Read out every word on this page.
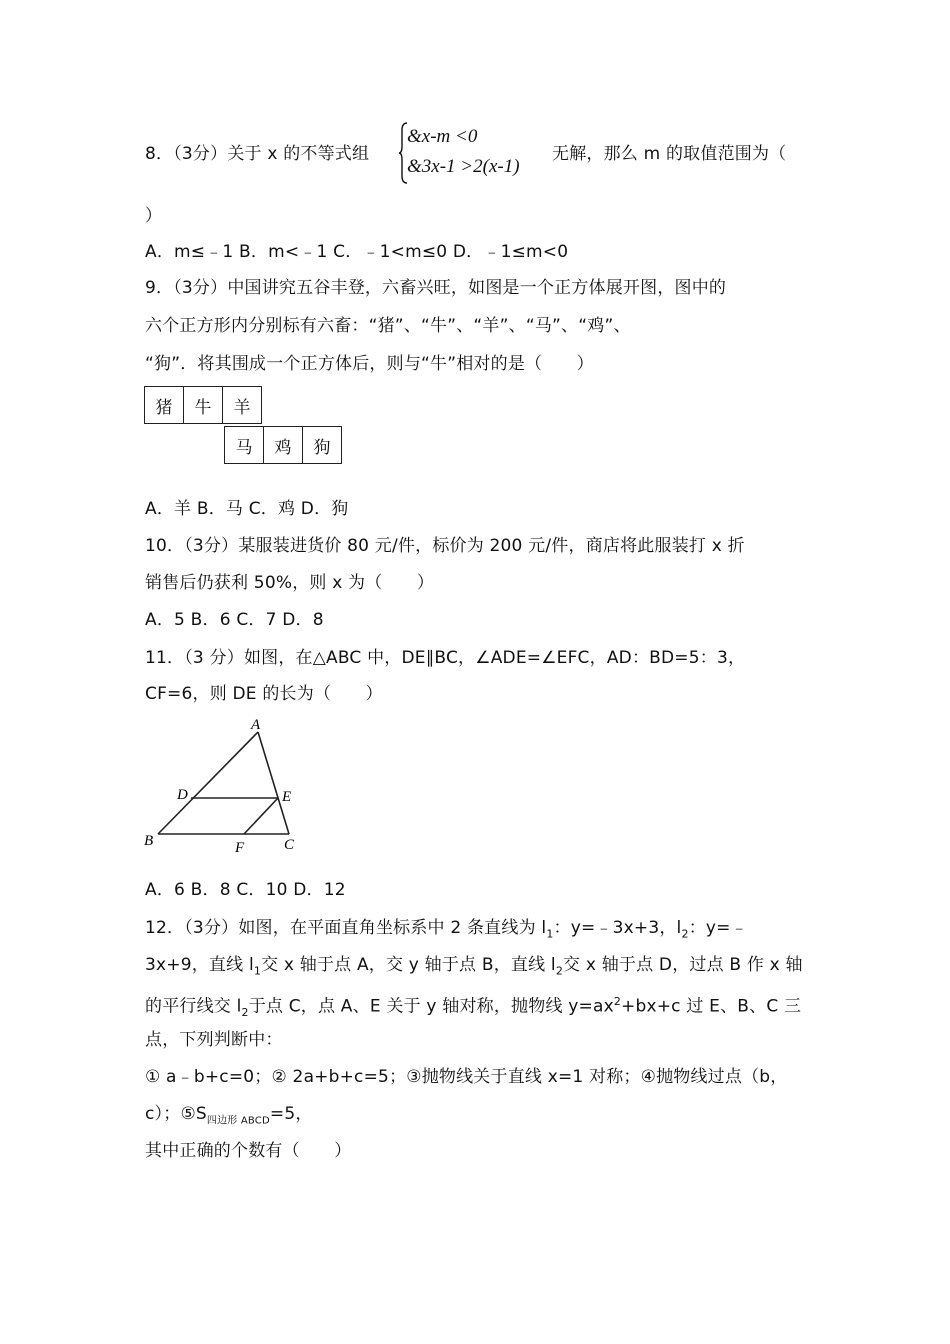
8．（3分）关于 x 的不等式组
&x-m <0
&3x-1 >2(x-1)
无解，那么 m 的取值范围为（
）
A．m≤﹣1 B．m<﹣1 C．﹣1<m≤0 D．﹣1≤m<0
9．（3分）中国讲究五谷丰登，六畜兴旺，如图是一个正方体展开图，图中的
六个正方形内分别标有六畜：“猪”、“牛”、“羊”、“马”、“鸡”、
“狗”．将其围成一个正方体后，则与“牛”相对的是（　　）
猪	牛	羊
马	鸡	狗
A．羊 B．马 C．鸡 D．狗
10．（3分）某服装进货价 80 元/件，标价为 200 元/件，商店将此服装打 x 折
销售后仍获利 50%，则 x 为（　　）
A．5 B．6 C．7 D．8
11．（3 分）如图，在△ABC 中，DE∥BC，∠ADE=∠EFC，AD：BD=5：3，
CF=6，则 DE 的长为（　　）
A
D	E
B	F	C
A．6 B．8 C．10 D．12
12．（3分）如图，在平面直角坐标系中 2 条直线为 $l_1$：y=﹣3x+3，$l_2$：y=﹣
3x+9，直线 $l_1$交 x 轴于点 A，交 y 轴于点 B，直线 $l_2$交 x 轴于点 D，过点 B 作 x 轴
的平行线交 $l_2$于点 C，点 A、E 关于 y 轴对称，抛物线 $y=ax^2+bx+c$ 过 E、B、C 三
点，下列判断中：
① a﹣b+c=0；② 2a+b+c=5；③抛物线关于直线 x=1 对称；④抛物线过点（b，
c）；$⑤S_{四边形 ABCD}=5$，
其中正确的个数有（　　）
